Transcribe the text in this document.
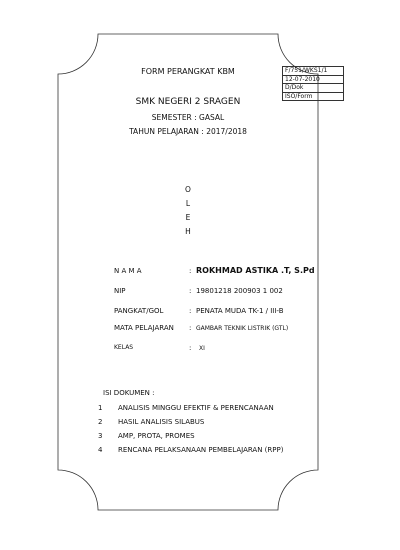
FORM PERANGKAT KBM	F/751/WKS1/1
12-07-2010
D/Dok
ISO/Form
SMK NEGERI 2 SRAGEN
SEMESTER : GASAL
TAHUN PELAJARAN : 2017/2018
O
L
E
H
N A M A	: ROKHMAD ASTIKA .T, S.Pd
NIP	: 19801218 200903 1 002
PANGKAT/GOL	: PENATA MUDA TK-1 / III-B
MATA PELAJARAN : GAMBAR TEKNIK LISTRIK (GTL)
KELAS	: XI
ISI DOKUMEN :
1 ANALISIS MINGGU EFEKTIF & PERENCANAAN
2 HASIL ANALISIS SILABUS
3 AMP, PROTA, PROMES
4 RENCANA PELAKSANAAN PEMBELAJARAN (RPP)
